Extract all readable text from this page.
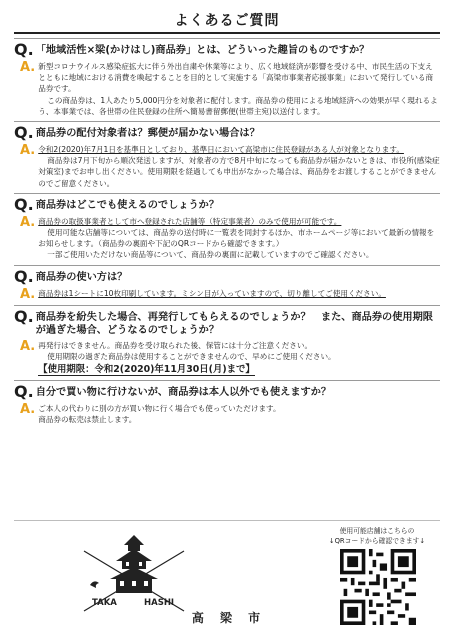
よくあるご質問
Q. 「地域活性×梁(かけはし)商品券」とは、どういった趣旨のものですか？
A. 新型コロナウイルス感染症拡大に伴う外出自粛や休業等により、広く地域経済が影響を受ける中、市民生活の下支えとともに地域における消費を喚起することを目的として実施する「高梁市事業者応援事業」において発行している商品券です。

この商品券は、1人あたり5,000円分を対象者に配付します。商品券の使用による地域経済への効果が早く現れるよう、本事業では、各世帯の住民登録の住所へ簡易書留郵便(世帯主宛)以送付します。

Q. 商品券の配付対象者は？郵便が届かない場合は？
A. 令和2(2020)年7月1日を基準日としており、基準日において高梁市に住民登録がある人が対象となります。

商品券は7月下旬から順次発送しますが、対象者の方で8月中旬になっても商品券が届かないときは、市役所(感染症対策室)までお申し出ください。使用期限を経過しても申出がなかった場合は、商品券をお渡しすることができませんのでご留意ください。

Q. 商品券はどこでも使えるのでしょうか？
A. 商品券の取扱事業者として市へ登録された店舗等（特定事業者）のみで使用が可能です。

使用可能な店舗等については、商品券の送付時に一覧表を同封するほか、市ホームページ等において最新の情報をお知らせします。（商品券の裏面や下記のQRコードから確認できます。）

一部ご使用いただけない商品等について、商品券の裏面に記載していますのでご確認ください。

Q. 商品券の使い方は？
A. 商品券は1シートに10枚印刷しています。ミシン目が入っていますので、切り離してご使用ください。

Q. 商品券を紛失した場合、再発行してもらえるのでしょうか？　また、商品券の使用期限が過ぎた場合、どうなるのでしょうか？
A. 再発行はできません。商品券を受け取られた後、保管には十分ご注意ください。

使用期限の過ぎた商品券は使用することができませんので、早めにご使用ください。

【使用期限：令和2(2020)年11月30日(月)まで】
Q. 自分で買い物に行けないが、商品券は本人以外でも使えますか？
A. ご本人の代わりに別の方が買い物に行く場合でも使っていただけます。

商品券の転売は禁止します。

TAKA	HASHI
高 梁 市
使用可能店舗はこちらの
↓QRコードから確認できます↓
